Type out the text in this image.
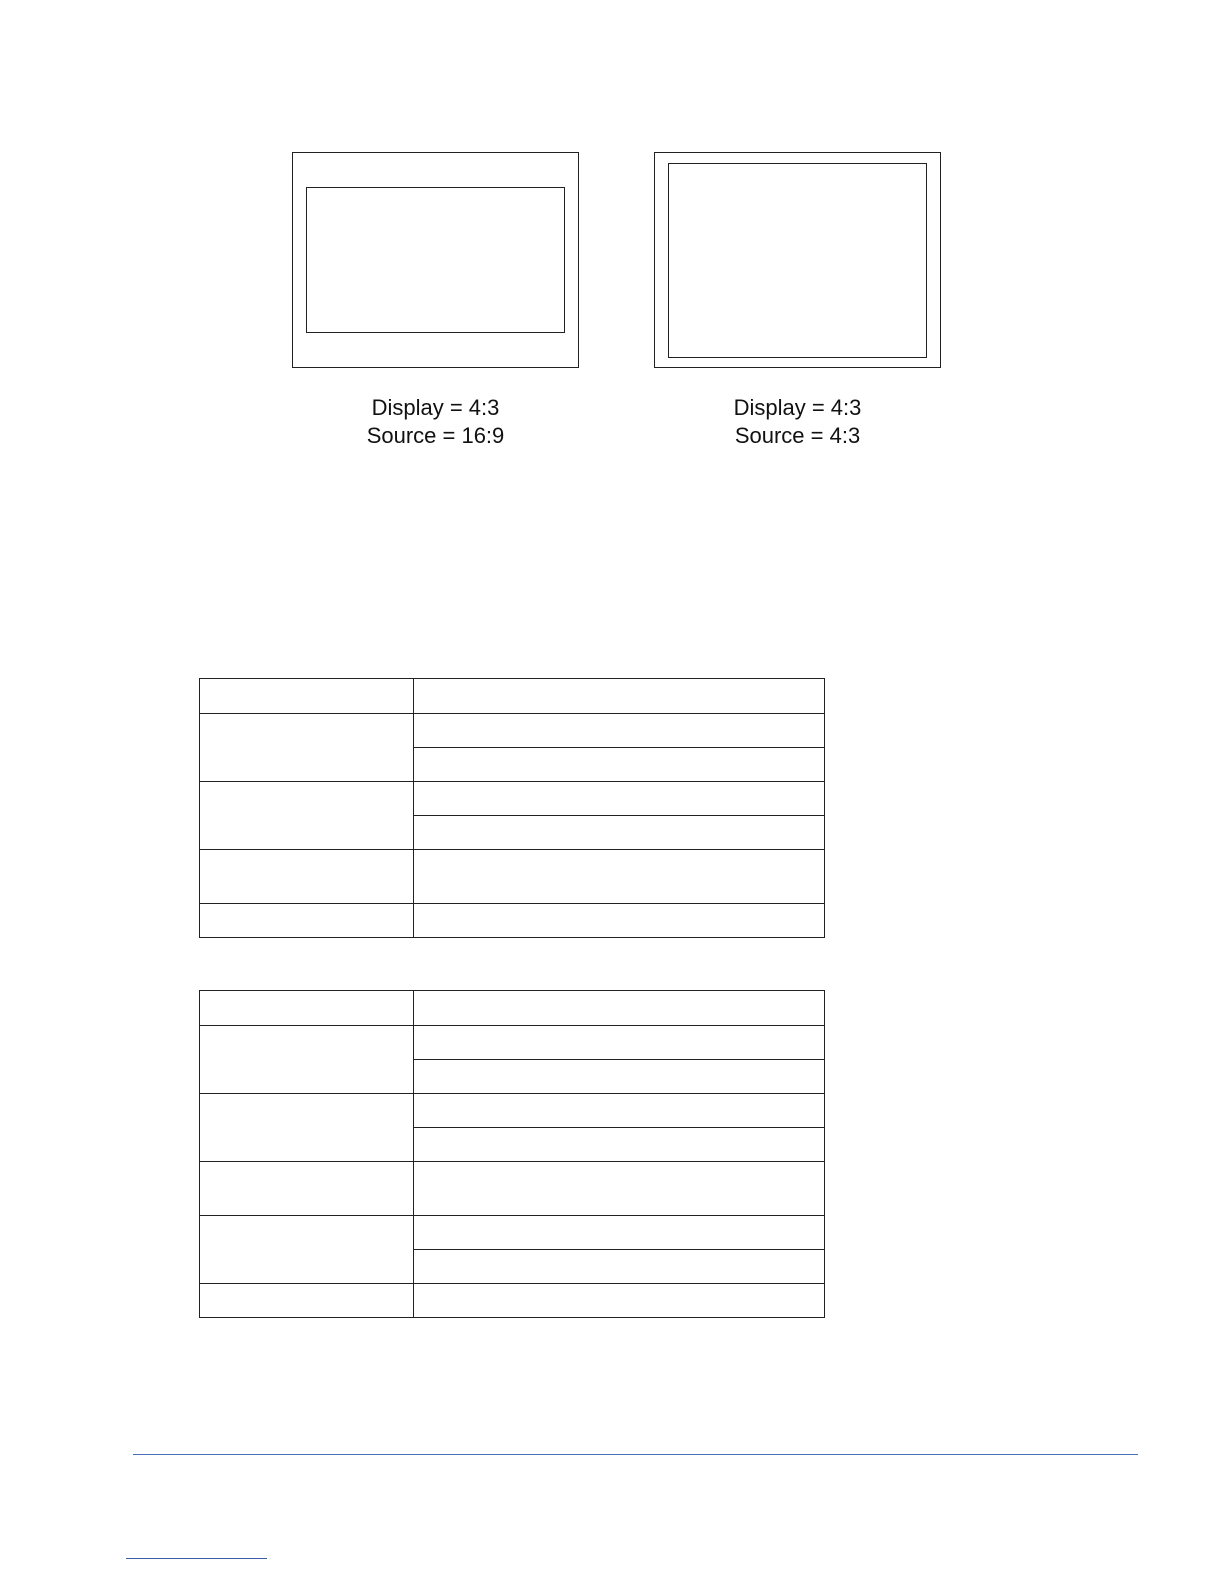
Display = 4:3
Source = 16:9
Display = 4:3
Source = 4:3
